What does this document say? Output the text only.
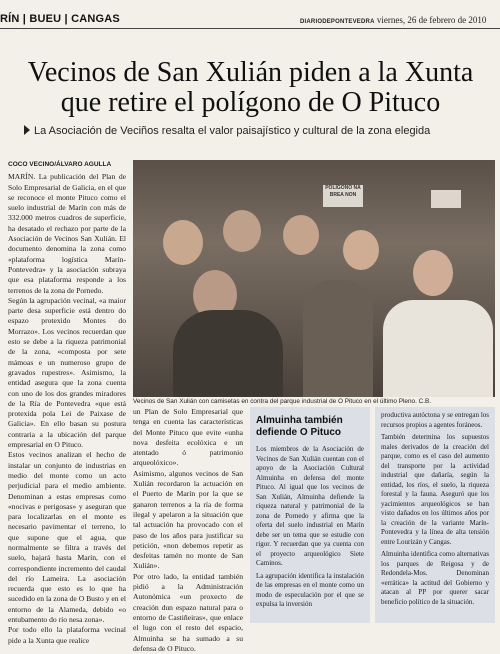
RÍN | BUEU | CANGAS	DIARIODEPONTEVEDRA viernes, 26 de febrero de 2010
Vecinos de San Xulián piden a la Xunta que retire el polígono de O Pituco
La Asociación de Veciños resalta el valor paisajístico y cultural de la zona elegida
COCO VECINO/ÁLVARO AGULLA

MARÍN. La publicación del Plan de Solo Empresarial de Galicia, en el que se reconoce el monte Pituco como el suelo industrial de Marín con más de 332.000 metros cuadros de superficie, ha desatado el rechazo por parte de la Asociación de Vecinos San Xulián. El documento denomina la zona como «plataforma logística Marín-Pontevedra» y la asociación subraya que esa plataforma responde a los terrenos de la zona de Pornedo.

Según la agrupación vecinal, «a maior parte desa superficie está dentro do espazo protexido Montes do Morrazo». Los vecinos recuerdan que esto se debe a la riqueza patrimonial de la zona, «composta por sete mámoas e un numeroso grupo de gravados rupestres». Asimismo, la entidad asegura que la zona cuenta con uno de los dos grandes miradores de la Ría de Pontevedra «que está protexida pola Lei de Paixase de Galicia». En ello basan su postura contraria a la ubicación del parque empresarial en O Pituco.

Estos vecinos analizan el hecho de instalar un conjunto de industrias en medio del monte como un acto perjudicial para el medio ambiente. Denominan a estas empresas como «nocivas e perigosas» y aseguran que para localizarlas en el monte es necesario pavimentar el terreno, lo que supone que el agua, que normalmente se filtra a través del suelo, bajará hasta Marín, con el correspondiente incremento del caudal del río Lameira. La asociación recuerda que esto es lo que ha sucedido en la zona de O Busto y en el entorno de la Alameda, debido «o entubamento do río nesa zona».

Por todo ello la plataforma vecinal pide a la Xunta que realice

POLÍGONO NA BREA NON
Vecinos de San Xulián con camisetas en contra del parque industrial de O Pituco en el último Pleno. C.B.

un Plan de Solo Empresarial que tenga en cuenta las características del Monte Pituco que evite «unha nova desfeita ecolóxica e un atentado ó patrimonio arqueolóxico».

Asimismo, algunos vecinos de San Xulián recordaron la actuación en el Puerto de Marín por la que se ganaron terrenos a la ría de forma ilegal y apelaron a la situación que tal actuación ha provocado con el paso de los años para justificar su petición, «non debemos repetir as desfeitas tamén no monte de San Xulián».

Por otro lado, la entidad también pidió a la Administración Autonómica «un proxecto de creación dun espazo natural para o entorno de Castiñeiras», que enlace el lugo con el resto del espacio, Almuinha se ha sumado a su defensa de O Pituco.

Almuinha también defiende O Pituco

Los miembros de la Asociación de Vecinos de San Xulián cuentan con el apoyo de la Asociación Cultural Almuinha en defensa del monte Pituco. Al igual que los vecinos de San Xulián, Almuinha defiende la riqueza natural y patrimonial de la zona de Pornedo y afirma que la oferta del suelo industrial en Marín debe ser un tema que se estudie con rigor. Y recuerdan que ya cuenta con el proyecto arqueológico Siete Caminos.

La agrupación identifica la instalación de las empresas en el monte como un modo de especulación por el que se expulsa la inversión

productiva autóctona y se entregan los recursos propios a agentes foráneos.

También determina los supuestos males derivados de la creación del parque, como es el caso del aumento del transporte por la actividad industrial que dañaría, según la entidad, los ríos, el suelo, la riqueza forestal y la fauna. Aseguró que los yacimientos arqueológicos se han visto dañados en los últimos años por la creación de la variante Marín-Pontevedra y la línea de alta tensión entre Lourizán y Cangas.

Almuinha identifica como alternativas los parques de Reigosa y de Redondela-Mos. Denominan «errática» la actitud del Gobierno y atacan al PP por querer sacar beneficio político de la situación.
